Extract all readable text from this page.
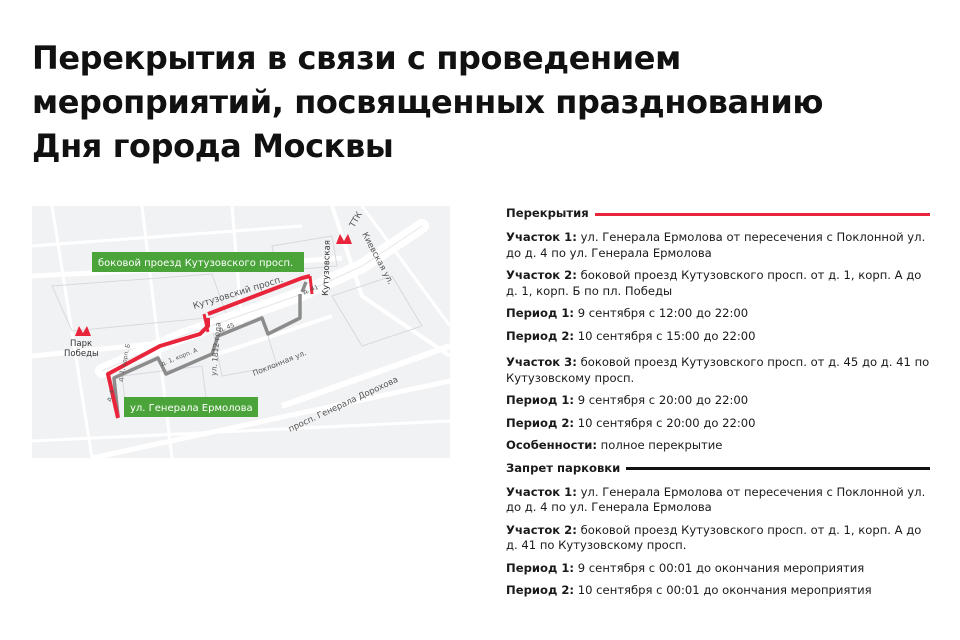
Перекрытия в связи с проведением
мероприятий, посвященных празднованию
Дня города Москвы
Кутузовский просп.
ул. 1812 года	Поклонная ул.
просп. Генерала Дорохова
Киевская ул.
ТТК
д. 1, корп. Б	д. 1, корп. А
д. 45
д. 41
д. 4
Парк
Победы
Кутузовская
боковой проезд Кутузовского просп.
ул. Генерала Ермолова
Перекрытия
Участок 1: ул. Генерала Ермолова от пересечения с Поклонной ул. до д. 4 по ул. Генерала Ермолова
Участок 2: боковой проезд Кутузовского просп. от д. 1, корп. А до д. 1, корп. Б по пл. Победы
Период 1: 9 сентября с 12:00 до 22:00
Период 2: 10 сентября с 15:00 до 22:00
Участок 3: боковой проезд Кутузовского просп. от д. 45 до д. 41 по Кутузовскому просп.
Период 1: 9 сентября с 20:00 до 22:00
Период 2: 10 сентября с 20:00 до 22:00
Особенности: полное перекрытие
Запрет парковки
Участок 1: ул. Генерала Ермолова от пересечения с Поклонной ул. до д. 4 по ул. Генерала Ермолова
Участок 2: боковой проезд Кутузовского просп. от д. 1, корп. А до д. 41 по Кутузовскому просп.
Период 1: 9 сентября с 00:01 до окончания мероприятия
Период 2: 10 сентября с 00:01 до окончания мероприятия
